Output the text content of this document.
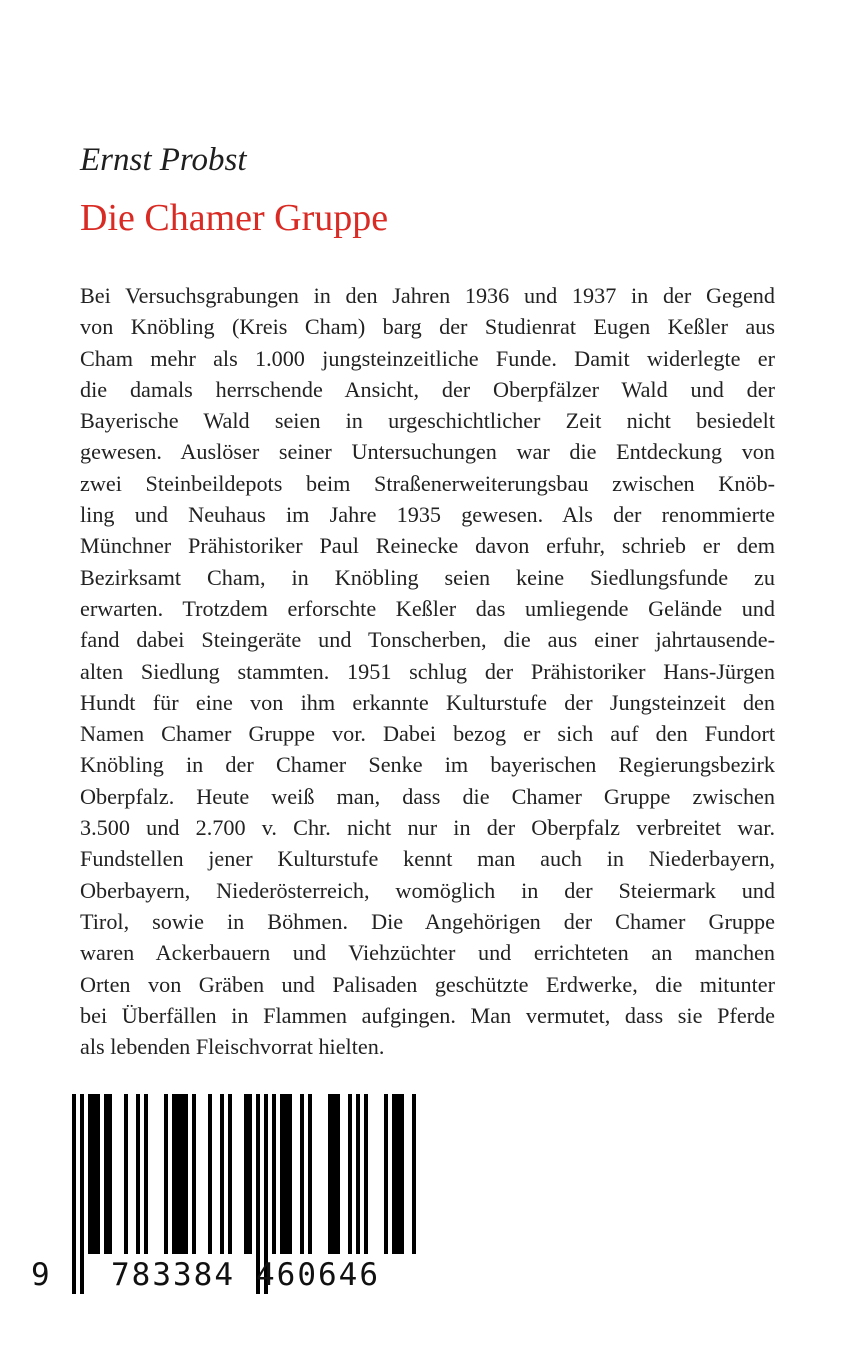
Ernst Probst
Die Chamer Gruppe
Bei Versuchsgrabungen in den Jahren 1936 und 1937 in der Gegend
von Knöbling (Kreis Cham) barg der Studienrat Eugen Keßler aus
Cham mehr als 1.000 jungsteinzeitliche Funde. Damit widerlegte er
die damals herrschende Ansicht, der Oberpfälzer Wald und der
Bayerische Wald seien in urgeschichtlicher Zeit nicht besiedelt
gewesen. Auslöser seiner Untersuchungen war die Entdeckung von
zwei Steinbeildepots beim Straßenerweiterungsbau zwischen Knöb-
ling und Neuhaus im Jahre 1935 gewesen. Als der renommierte
Münchner Prähistoriker Paul Reinecke davon erfuhr, schrieb er dem
Bezirksamt Cham, in Knöbling seien keine Siedlungsfunde zu
erwarten. Trotzdem erforschte Keßler das umliegende Gelände und
fand dabei Steingeräte und Tonscherben, die aus einer jahrtausende-
alten Siedlung stammten. 1951 schlug der Prähistoriker Hans-Jürgen
Hundt für eine von ihm erkannte Kulturstufe der Jungsteinzeit den
Namen Chamer Gruppe vor. Dabei bezog er sich auf den Fundort
Knöbling in der Chamer Senke im bayerischen Regierungsbezirk
Oberpfalz. Heute weiß man, dass die Chamer Gruppe zwischen
3.500 und 2.700 v. Chr. nicht nur in der Oberpfalz verbreitet war.
Fundstellen jener Kulturstufe kennt man auch in Niederbayern,
Oberbayern, Niederösterreich, womöglich in der Steiermark und
Tirol, sowie in Böhmen. Die Angehörigen der Chamer Gruppe
waren Ackerbauern und Viehzüchter und errichteten an manchen
Orten von Gräben und Palisaden geschützte Erdwerke, die mitunter
bei Überfällen in Flammen aufgingen. Man vermutet, dass sie Pferde
als lebenden Fleischvorrat hielten.
9 783384 460646
